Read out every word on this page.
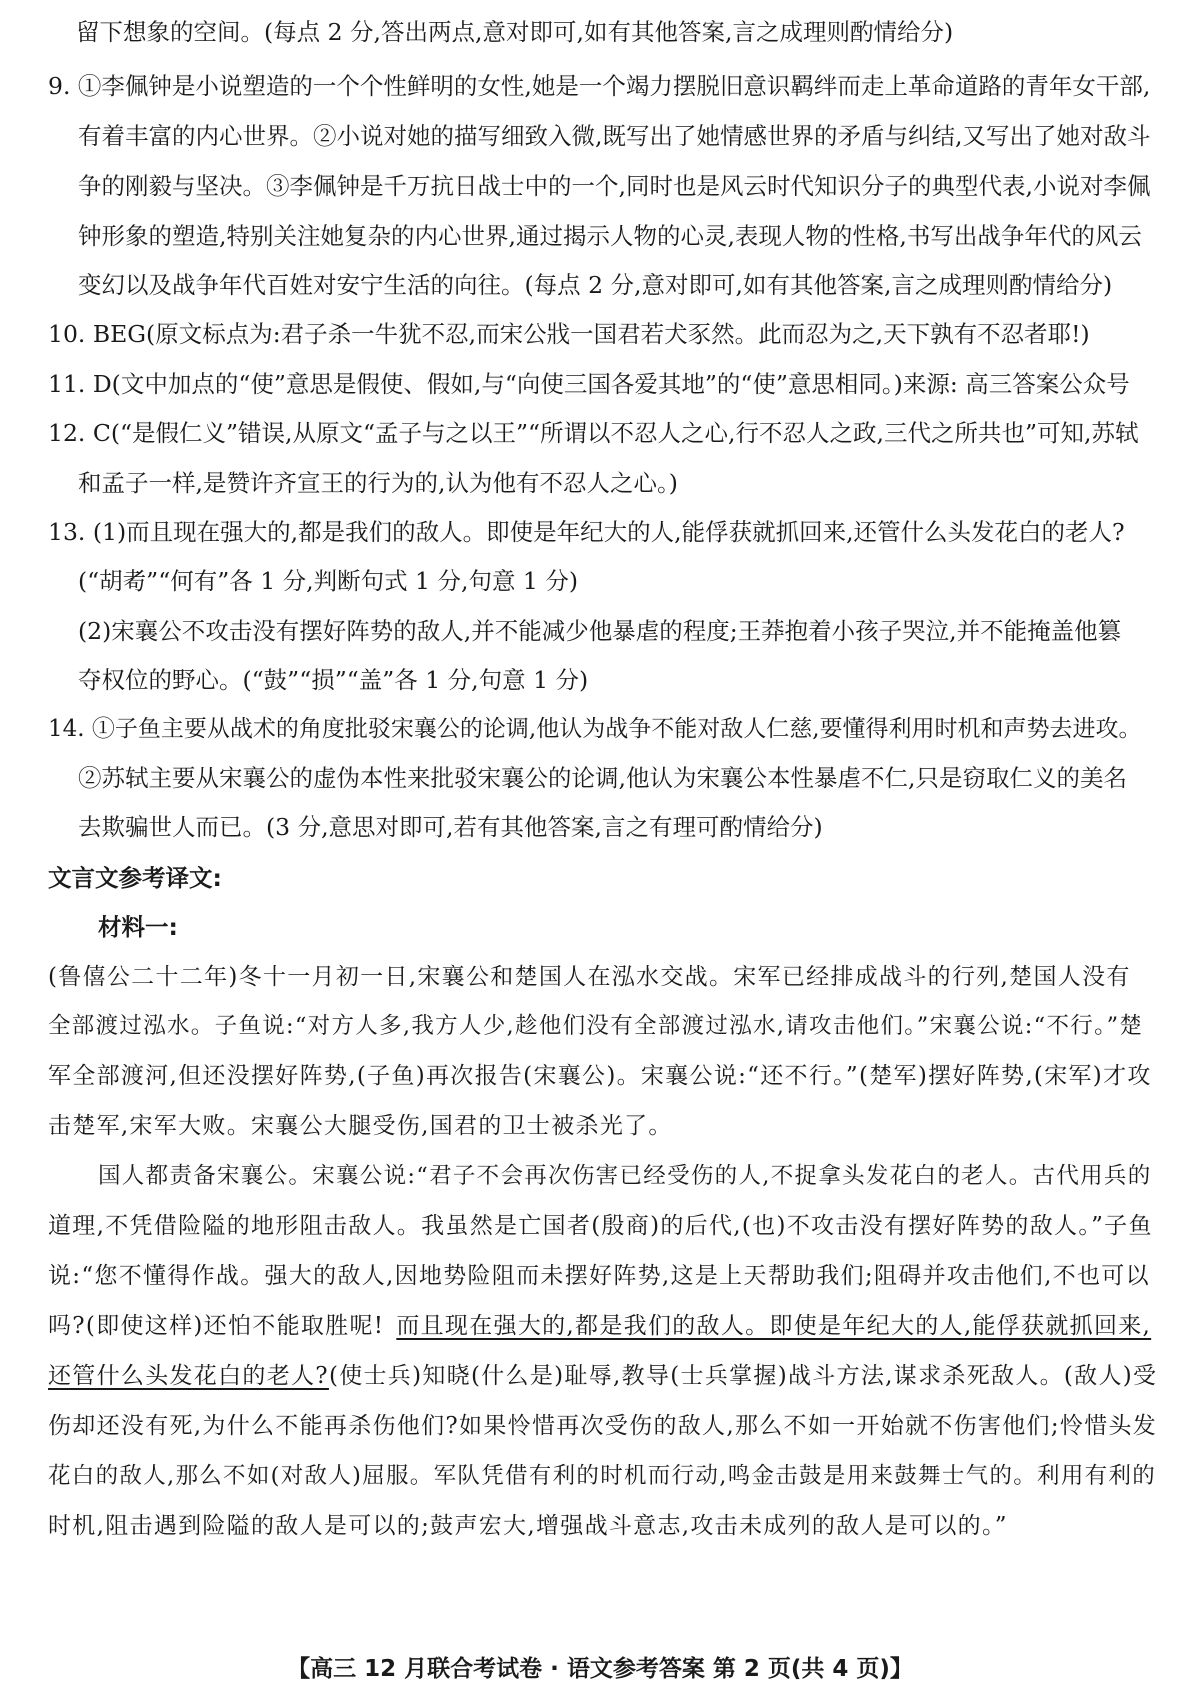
留下想象的空间。(每点 2 分,答出两点,意对即可,如有其他答案,言之成理则酌情给分)
9. ①李佩钟是小说塑造的一个个性鲜明的女性,她是一个竭力摆脱旧意识羁绊而走上革命道路的青年女干部,
有着丰富的内心世界。②小说对她的描写细致入微,既写出了她情感世界的矛盾与纠结,又写出了她对敌斗
争的刚毅与坚决。③李佩钟是千万抗日战士中的一个,同时也是风云时代知识分子的典型代表,小说对李佩
钟形象的塑造,特别关注她复杂的内心世界,通过揭示人物的心灵,表现人物的性格,书写出战争年代的风云
变幻以及战争年代百姓对安宁生活的向往。(每点 2 分,意对即可,如有其他答案,言之成理则酌情给分)
10. BEG(原文标点为:君子杀一牛犹不忍,而宋公戕一国君若犬豕然。此而忍为之,天下孰有不忍者耶!)
11. D(文中加点的“使”意思是假使、假如,与“向使三国各爱其地”的“使”意思相同。)来源: 高三答案公众号
12. C(“是假仁义”错误,从原文“孟子与之以王”“所谓以不忍人之心,行不忍人之政,三代之所共也”可知,苏轼
和孟子一样,是赞许齐宣王的行为的,认为他有不忍人之心。)
13. (1)而且现在强大的,都是我们的敌人。即使是年纪大的人,能俘获就抓回来,还管什么头发花白的老人?
(“胡耇”“何有”各 1 分,判断句式 1 分,句意 1 分)
(2)宋襄公不攻击没有摆好阵势的敌人,并不能减少他暴虐的程度;王莽抱着小孩子哭泣,并不能掩盖他篡
夺权位的野心。(“鼓”“损”“盖”各 1 分,句意 1 分)
14. ①子鱼主要从战术的角度批驳宋襄公的论调,他认为战争不能对敌人仁慈,要懂得利用时机和声势去进攻。
②苏轼主要从宋襄公的虚伪本性来批驳宋襄公的论调,他认为宋襄公本性暴虐不仁,只是窃取仁义的美名
去欺骗世人而已。(3 分,意思对即可,若有其他答案,言之有理可酌情给分)
文言文参考译文:
材料一:
(鲁僖公二十二年)冬十一月初一日,宋襄公和楚国人在泓水交战。宋军已经排成战斗的行列,楚国人没有
全部渡过泓水。子鱼说:“对方人多,我方人少,趁他们没有全部渡过泓水,请攻击他们。”宋襄公说:“不行。”楚
军全部渡河,但还没摆好阵势,(子鱼)再次报告(宋襄公)。宋襄公说:“还不行。”(楚军)摆好阵势,(宋军)才攻
击楚军,宋军大败。宋襄公大腿受伤,国君的卫士被杀光了。
国人都责备宋襄公。宋襄公说:“君子不会再次伤害已经受伤的人,不捉拿头发花白的老人。古代用兵的
道理,不凭借险隘的地形阻击敌人。我虽然是亡国者(殷商)的后代,(也)不攻击没有摆好阵势的敌人。”子鱼
说:“您不懂得作战。强大的敌人,因地势险阻而未摆好阵势,这是上天帮助我们;阻碍并攻击他们,不也可以
吗?(即使这样)还怕不能取胜呢! 而且现在强大的,都是我们的敌人。即使是年纪大的人,能俘获就抓回来,
还管什么头发花白的老人?(使士兵)知晓(什么是)耻辱,教导(士兵掌握)战斗方法,谋求杀死敌人。(敌人)受
伤却还没有死,为什么不能再杀伤他们?如果怜惜再次受伤的敌人,那么不如一开始就不伤害他们;怜惜头发
花白的敌人,那么不如(对敌人)屈服。军队凭借有利的时机而行动,鸣金击鼓是用来鼓舞士气的。利用有利的
时机,阻击遇到险隘的敌人是可以的;鼓声宏大,增强战斗意志,攻击未成列的敌人是可以的。”
【高三 12 月联合考试卷 · 语文参考答案 第 2 页(共 4 页)】
